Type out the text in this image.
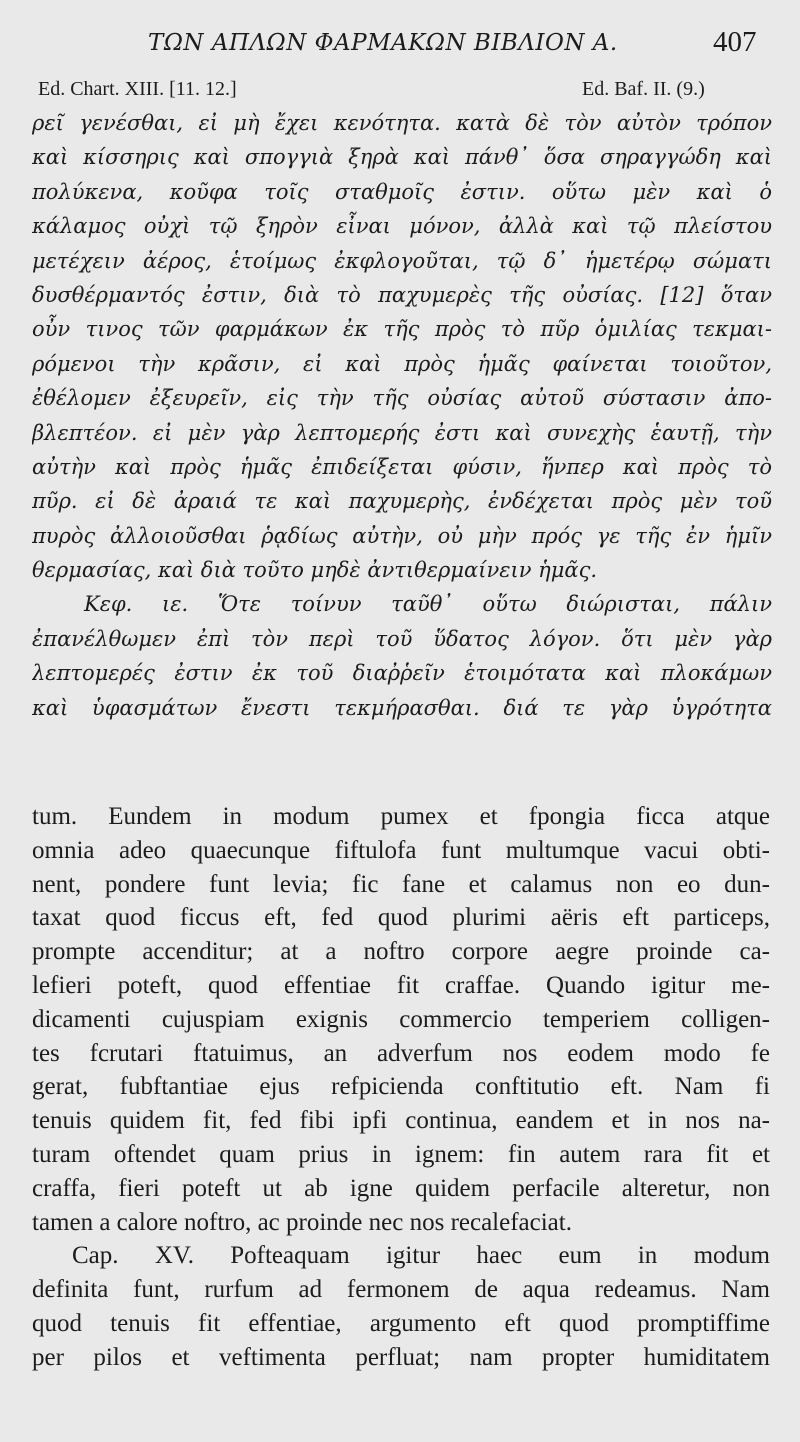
ΤΩΝ ΑΠΛΩΝ ΦΑΡΜΑΚΩΝ ΒΙΒΛΙΟΝ Α.	407
Ed. Chart. XIII. [11. 12.]	Ed. Baf. II. (9.)
ρεῖ γενέσθαι, εἰ μὴ ἔχει κενότητα. κατὰ δὲ τὸν αὐτὸν τρόπον
καὶ κίσσηρις καὶ σπογγιὰ ξηρὰ καὶ πάνθ᾽ ὅσα σηραγγώδη καὶ
πολύκενα, κοῦφα τοῖς σταθμοῖς ἐστιν. οὕτω μὲν καὶ ὁ
κάλαμος οὐχὶ τῷ ξηρὸν εἶναι μόνον, ἀλλὰ καὶ τῷ πλείστου
μετέχειν ἀέρος, ἑτοίμως ἐκφλογοῦται, τῷ δ᾽ ἡμετέρῳ σώματι
δυσθέρμαντός ἐστιν, διὰ τὸ παχυμερὲς τῆς οὐσίας. [12] ὅταν
οὖν τινος τῶν φαρμάκων ἐκ τῆς πρὸς τὸ πῦρ ὁμιλίας τεκμαι-
ρόμενοι τὴν κρᾶσιν, εἰ καὶ πρὸς ἡμᾶς φαίνεται τοιοῦτον,
ἐθέλομεν ἐξευρεῖν, εἰς τὴν τῆς οὐσίας αὐτοῦ σύστασιν ἀπο-
βλεπτέον. εἰ μὲν γὰρ λεπτομερής ἐστι καὶ συνεχὴς ἑαυτῇ, τὴν
αὐτὴν καὶ πρὸς ἡμᾶς ἐπιδείξεται φύσιν, ἥνπερ καὶ πρὸς τὸ
πῦρ. εἰ δὲ ἀραιά τε καὶ παχυμερὴς, ἐνδέχεται πρὸς μὲν τοῦ
πυρὸς ἀλλοιοῦσθαι ῥᾳδίως αὐτὴν, οὐ μὴν πρός γε τῆς ἐν ἡμῖν
θερμασίας, καὶ διὰ τοῦτο μηδὲ ἀντιθερμαίνειν ἡμᾶς.
Κεφ. ιε. Ὅτε τοίνυν ταῦθ᾽ οὕτω διώρισται, πάλιν
ἐπανέλθωμεν ἐπὶ τὸν περὶ τοῦ ὕδατος λόγον. ὅτι μὲν γὰρ
λεπτομερές ἐστιν ἐκ τοῦ διαῤῥεῖν ἑτοιμότατα καὶ πλοκάμων
καὶ ὑφασμάτων ἔνεστι τεκμήρασθαι. διά τε γὰρ ὑγρότητα
tum. Eundem in modum pumex et fpongia ficca atque
omnia adeo quaecunque fiftulofa funt multumque vacui obti-
nent, pondere funt levia; fic fane et calamus non eo dun-
taxat quod ficcus eft, fed quod plurimi aëris eft particeps,
prompte accenditur; at a noftro corpore aegre proinde ca-
lefieri poteft, quod effentiae fit craffae. Quando igitur me-
dicamenti cujuspiam exignis commercio temperiem colligen-
tes fcrutari ftatuimus, an adverfum nos eodem modo fe
gerat, fubftantiae ejus refpicienda conftitutio eft. Nam fi
tenuis quidem fit, fed fibi ipfi continua, eandem et in nos na-
turam oftendet quam prius in ignem: fin autem rara fit et
craffa, fieri poteft ut ab igne quidem perfacile alteretur, non
tamen a calore noftro, ac proinde nec nos recalefaciat.
Cap. XV. Pofteaquam igitur haec eum in modum
definita funt, rurfum ad fermonem de aqua redeamus. Nam
quod tenuis fit effentiae, argumento eft quod promptiffime
per pilos et veftimenta perfluat; nam propter humiditatem
